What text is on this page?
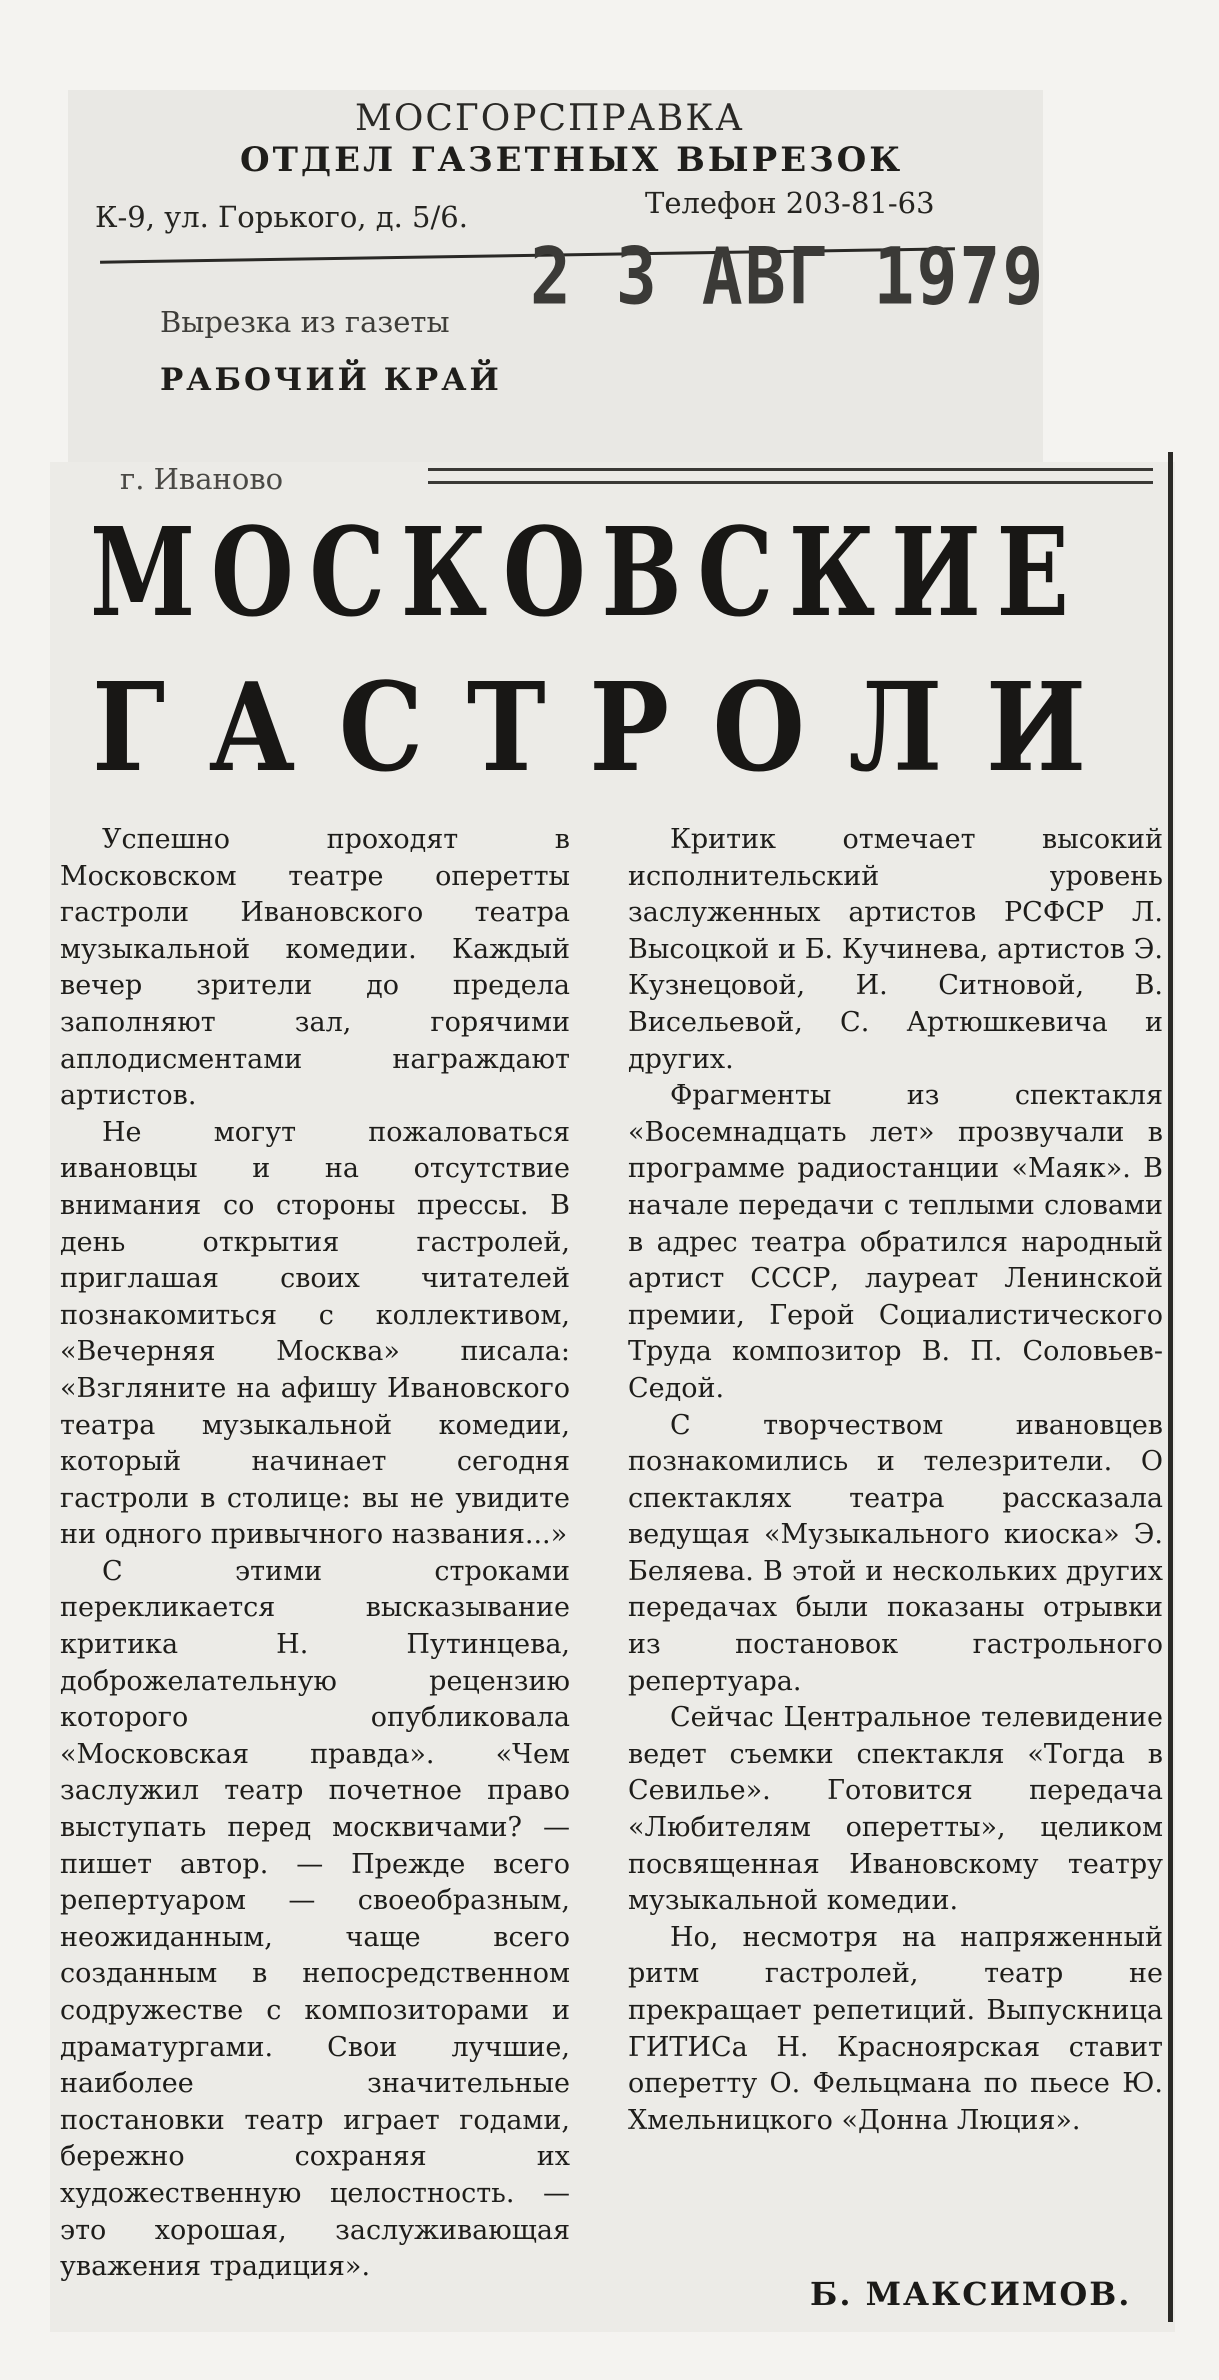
МОСГОРСПРАВКА
ОТДЕЛ ГАЗЕТНЫХ ВЫРЕЗОК
К-9, ул. Горького, д. 5/6.	Телефон 203-81-63
2 3 АВГ 1979
Вырезка из газеты
РАБОЧИЙ КРАЙ
г. Иваново
МОСКОВСКИЕ
ГАСТРОЛИ

Успешно проходят в Московском театре оперетты гастроли Ивановского театра музыкальной комедии. Каждый вечер зрители до предела заполняют зал, горячими аплодисментами награждают артистов.

Не могут пожаловаться ивановцы и на отсутствие внимания со стороны прессы. В день открытия гастролей, приглашая своих читателей познакомиться с коллективом, «Вечерняя Москва» писала: «Взгляните на афишу Ивановского театра музыкальной комедии, который начинает сегодня гастроли в столице: вы не увидите ни одного привычного названия...»

С этими строками перекликается высказывание критика Н. Путинцева, доброжелательную рецензию которого опубликовала «Московская правда». «Чем заслужил театр почетное право выступать перед москвичами? — пишет автор. — Прежде всего репертуаром — своеобразным, неожиданным, чаще всего созданным в непосредственном содружестве с композиторами и драматургами. Свои лучшие, наиболее значительные постановки театр играет годами, бережно сохраняя их художественную целостность. — это хорошая, заслуживающая уважения традиция».

Критик отмечает высокий исполнительский уровень заслуженных артистов РСФСР Л. Высоцкой и Б. Кучинева, артистов Э. Кузнецовой, И. Ситновой, В. Висельевой, С. Артюшкевича и других.

Фрагменты из спектакля «Восемнадцать лет» прозвучали в программе радиостанции «Маяк». В начале передачи с теплыми словами в адрес театра обратился народный артист СССР, лауреат Ленинской премии, Герой Социалистического Труда композитор В. П. Соловьев-Седой.

С творчеством ивановцев познакомились и телезрители. О спектаклях театра рассказала ведущая «Музыкального киоска» Э. Беляева. В этой и нескольких других передачах были показаны отрывки из постановок гастрольного репертуара.

Сейчас Центральное телевидение ведет съемки спектакля «Тогда в Севилье». Готовится передача «Любителям оперетты», целиком посвященная Ивановскому театру музыкальной комедии.

Но, несмотря на напряженный ритм гастролей, театр не прекращает репетиций. Выпускница ГИТИСа Н. Красноярская ставит оперетту О. Фельцмана по пьесе Ю. Хмельницкого «Донна Люция».

Б. МАКСИМОВ.
